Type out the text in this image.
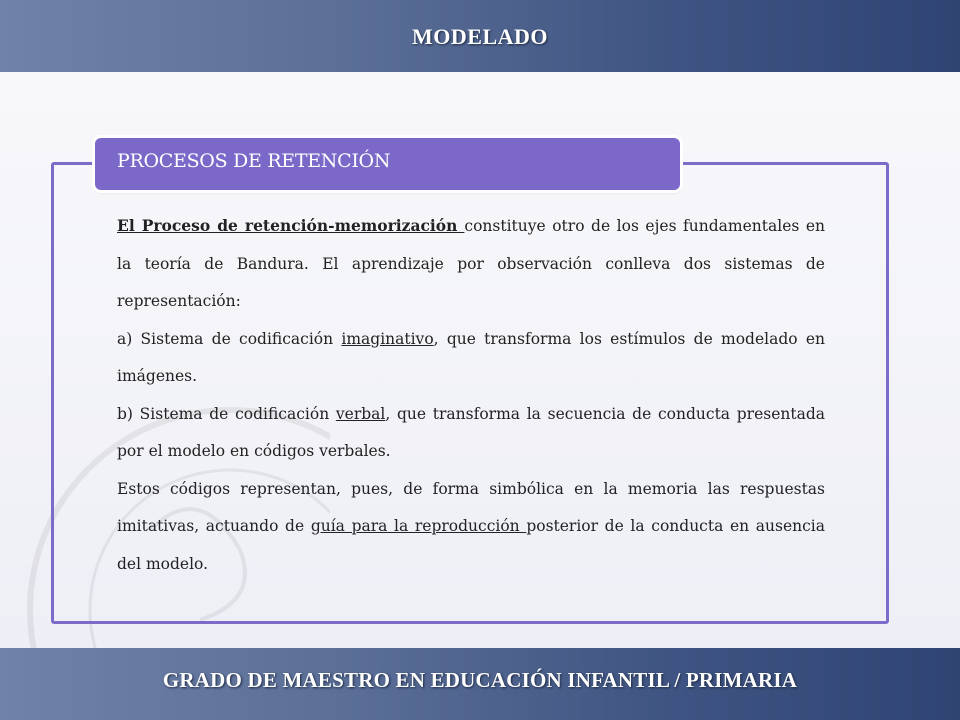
MODELADO
PROCESOS DE RETENCIÓN

El Proceso de retención-memorización constituye otro de los ejes fundamentales en la teoría de Bandura. El aprendizaje por observación conlleva dos sistemas de representación:

a) Sistema de codificación imaginativo, que transforma los estímulos de modelado en imágenes.

b) Sistema de codificación verbal, que transforma la secuencia de conducta presentada por el modelo en códigos verbales.

Estos códigos representan, pues, de forma simbólica en la memoria las respuestas imitativas, actuando de guía para la reproducción posterior de la conducta en ausencia del modelo.

GRADO DE MAESTRO EN EDUCACIÓN INFANTIL / PRIMARIA
